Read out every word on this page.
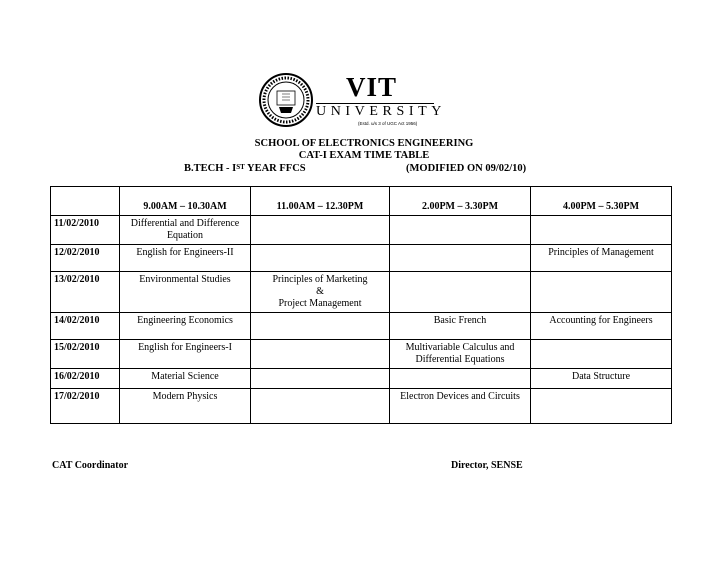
VIT
UNIVERSITY
(Estd. u/s 3 of UGC Act 1956)
SCHOOL OF ELECTRONICS ENGINEERING
CAT-I EXAM TIME TABLE
B.TECH - IST YEAR FFCS	(MODIFIED ON 09/02/10)
	9.00AM – 10.30AM	11.00AM – 12.30PM	2.00PM – 3.30PM	4.00PM – 5.30PM
11/02/2010	Differential and Difference Equation			
12/02/2010	English for Engineers-II			Principles of Management
13/02/2010	Environmental Studies	Principles of Marketing
&
Project Management		

14/02/2010	Engineering Economics		Basic French	Accounting for Engineers
15/02/2010	English for Engineers-I		Multivariable Calculus and Differential Equations	
16/02/2010	Material Science			Data Structure
17/02/2010	Modern Physics		Electron Devices and Circuits	
CAT Coordinator	Director, SENSE
